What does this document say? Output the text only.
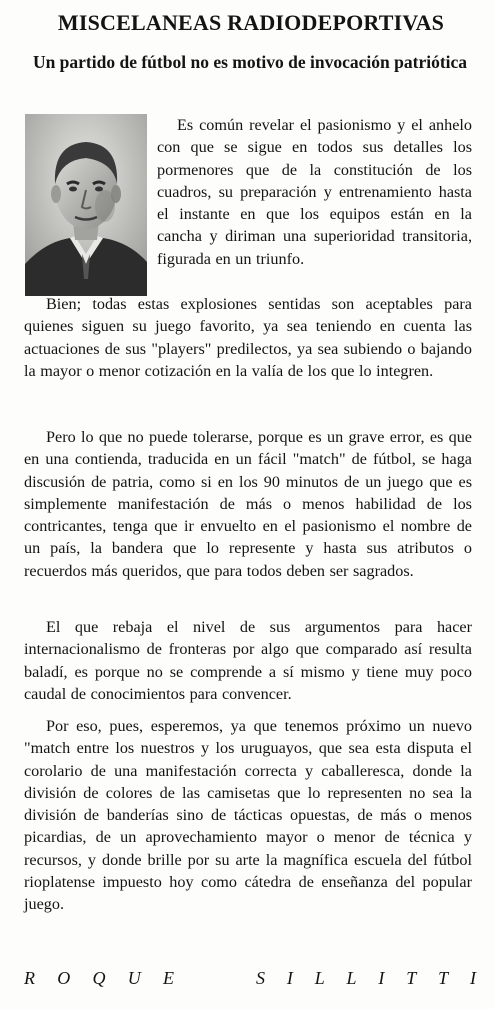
MISCELANEAS RADIODEPORTIVAS
Un partido de fútbol no es motivo de invocación patriótica

Es común revelar el pasionismo y el anhelo con que se sigue en todos sus detalles los pormenores que de la constitución de los cuadros, su preparación y entrenamiento hasta el instante en que los equipos están en la cancha y diriman una superioridad transitoria, figurada en un triunfo.

Bien; todas estas explosiones sentidas son aceptables para quienes siguen su juego favorito, ya sea teniendo en cuenta las actuaciones de sus "players" predilectos, ya sea subiendo o bajando la mayor o menor cotización en la valía de los que lo integren.

Pero lo que no puede tolerarse, porque es un grave error, es que en una contienda, traducida en un fácil "match" de fútbol, se haga discusión de patria, como si en los 90 minutos de un juego que es simplemente manifestación de más o menos habilidad de los contricantes, tenga que ir envuelto en el pasionismo el nombre de un país, la bandera que lo represente y hasta sus atributos o recuerdos más queridos, que para todos deben ser sagrados.

El que rebaja el nivel de sus argumentos para hacer internacionalismo de fronteras por algo que comparado así resulta baladí, es porque no se comprende a sí mismo y tiene muy poco caudal de conocimientos para convencer.

Por eso, pues, esperemos, ya que tenemos próximo un nuevo "match entre los nuestros y los uruguayos, que sea esta disputa el corolario de una manifestación correcta y caballeresca, donde la división de colores de las camisetas que lo representen no sea la división de banderías sino de tácticas opuestas, de más o menos picardias, de un aprovechamiento mayor o menor de técnica y recursos, y donde brille por su arte la magnífica escuela del fútbol rioplatense impuesto hoy como cátedra de enseñanza del popular juego.

R O Q U E	S I L L I T T I
